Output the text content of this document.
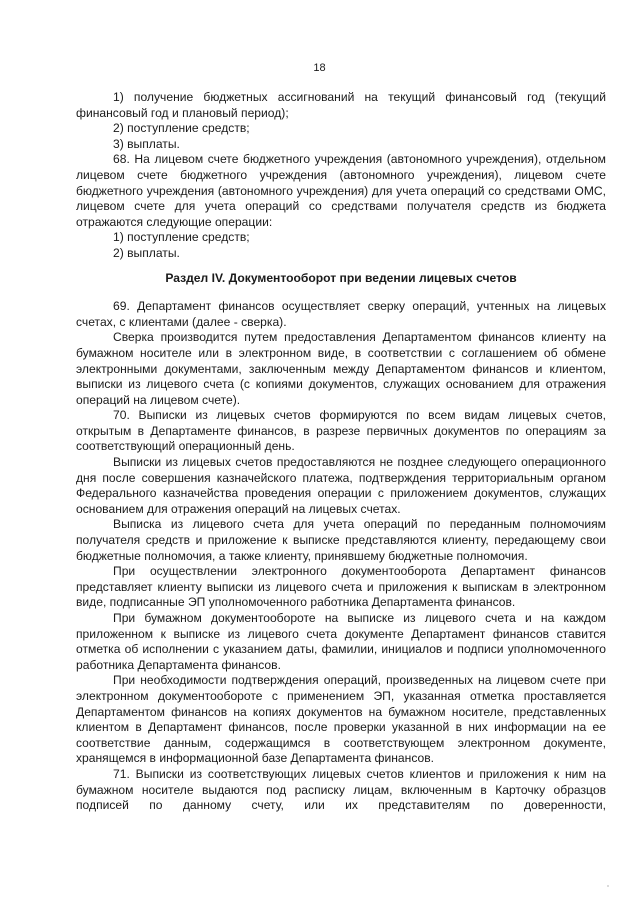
18

1) получение бюджетных ассигнований на текущий финансовый год (текущий финансовый год и плановый период);

2) поступление средств;

3) выплаты.

68. На лицевом счете бюджетного учреждения (автономного учреждения), отдельном лицевом счете бюджетного учреждения (автономного учреждения), лицевом счете бюджетного учреждения (автономного учреждения) для учета операций со средствами ОМС, лицевом счете для учета операций со средствами получателя средств из бюджета отражаются следующие операции:

1) поступление средств;

2) выплаты.

Раздел IV. Документооборот при ведении лицевых счетов

69. Департамент финансов осуществляет сверку операций, учтенных на лицевых счетах, с клиентами (далее - сверка).

Сверка производится путем предоставления Департаментом финансов клиенту на бумажном носителе или в электронном виде, в соответствии с соглашением об обмене электронными документами, заключенным между Департаментом финансов и клиентом, выписки из лицевого счета (с копиями документов, служащих основанием для отражения операций на лицевом счете).

70. Выписки из лицевых счетов формируются по всем видам лицевых счетов, открытым в Департаменте финансов, в разрезе первичных документов по операциям за соответствующий операционный день.

Выписки из лицевых счетов предоставляются не позднее следующего операционного дня после совершения казначейского платежа, подтверждения территориальным органом Федерального казначейства проведения операции с приложением документов, служащих основанием для отражения операций на лицевых счетах.

Выписка из лицевого счета для учета операций по переданным полномочиям получателя средств и приложение к выписке представляются клиенту, передающему свои бюджетные полномочия, а также клиенту, принявшему бюджетные полномочия.

При осуществлении электронного документооборота Департамент финансов представляет клиенту выписки из лицевого счета и приложения к выпискам в электронном виде, подписанные ЭП уполномоченного работника Департамента финансов.

При бумажном документообороте на выписке из лицевого счета и на каждом приложенном к выписке из лицевого счета документе Департамент финансов ставится отметка об исполнении с указанием даты, фамилии, инициалов и подписи уполномоченного работника Департамента финансов.

При необходимости подтверждения операций, произведенных на лицевом счете при электронном документообороте с применением ЭП, указанная отметка проставляется Департаментом финансов на копиях документов на бумажном носителе, представленных клиентом в Департамент финансов, после проверки указанной в них информации на ее соответствие данным, содержащимся в соответствующем электронном документе, хранящемся в информационной базе Департамента финансов.

71. Выписки из соответствующих лицевых счетов клиентов и приложения к ним на бумажном носителе выдаются под расписку лицам, включенным в Карточку образцов подписей по данному счету, или их представителям по доверенности,
